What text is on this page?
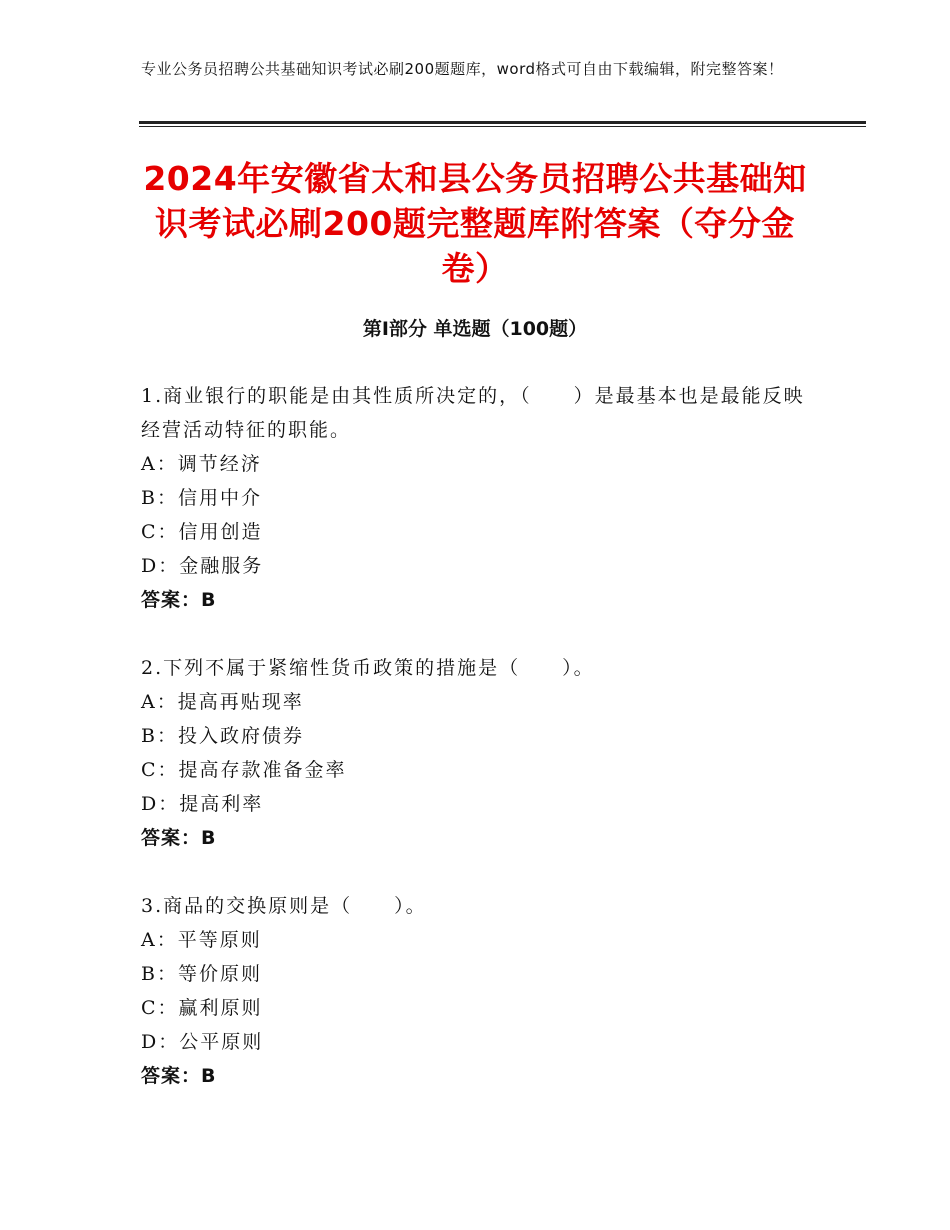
专业公务员招聘公共基础知识考试必刷200题题库，word格式可自由下载编辑，附完整答案！
2024年安徽省太和县公务员招聘公共基础知识考试必刷200题完整题库附答案（夺分金卷）
第Ⅰ部分 单选题（100题）
1.商业银行的职能是由其性质所决定的，（　　）是最基本也是最能反映经营活动特征的职能。
A：调节经济
B：信用中介
C：信用创造
D：金融服务
答案：B
2.下列不属于紧缩性货币政策的措施是（　　）。
A：提高再贴现率
B：投入政府债券
C：提高存款准备金率
D：提高利率
答案：B
3.商品的交换原则是（　　）。
A：平等原则
B：等价原则
C：赢利原则
D：公平原则
答案：B
